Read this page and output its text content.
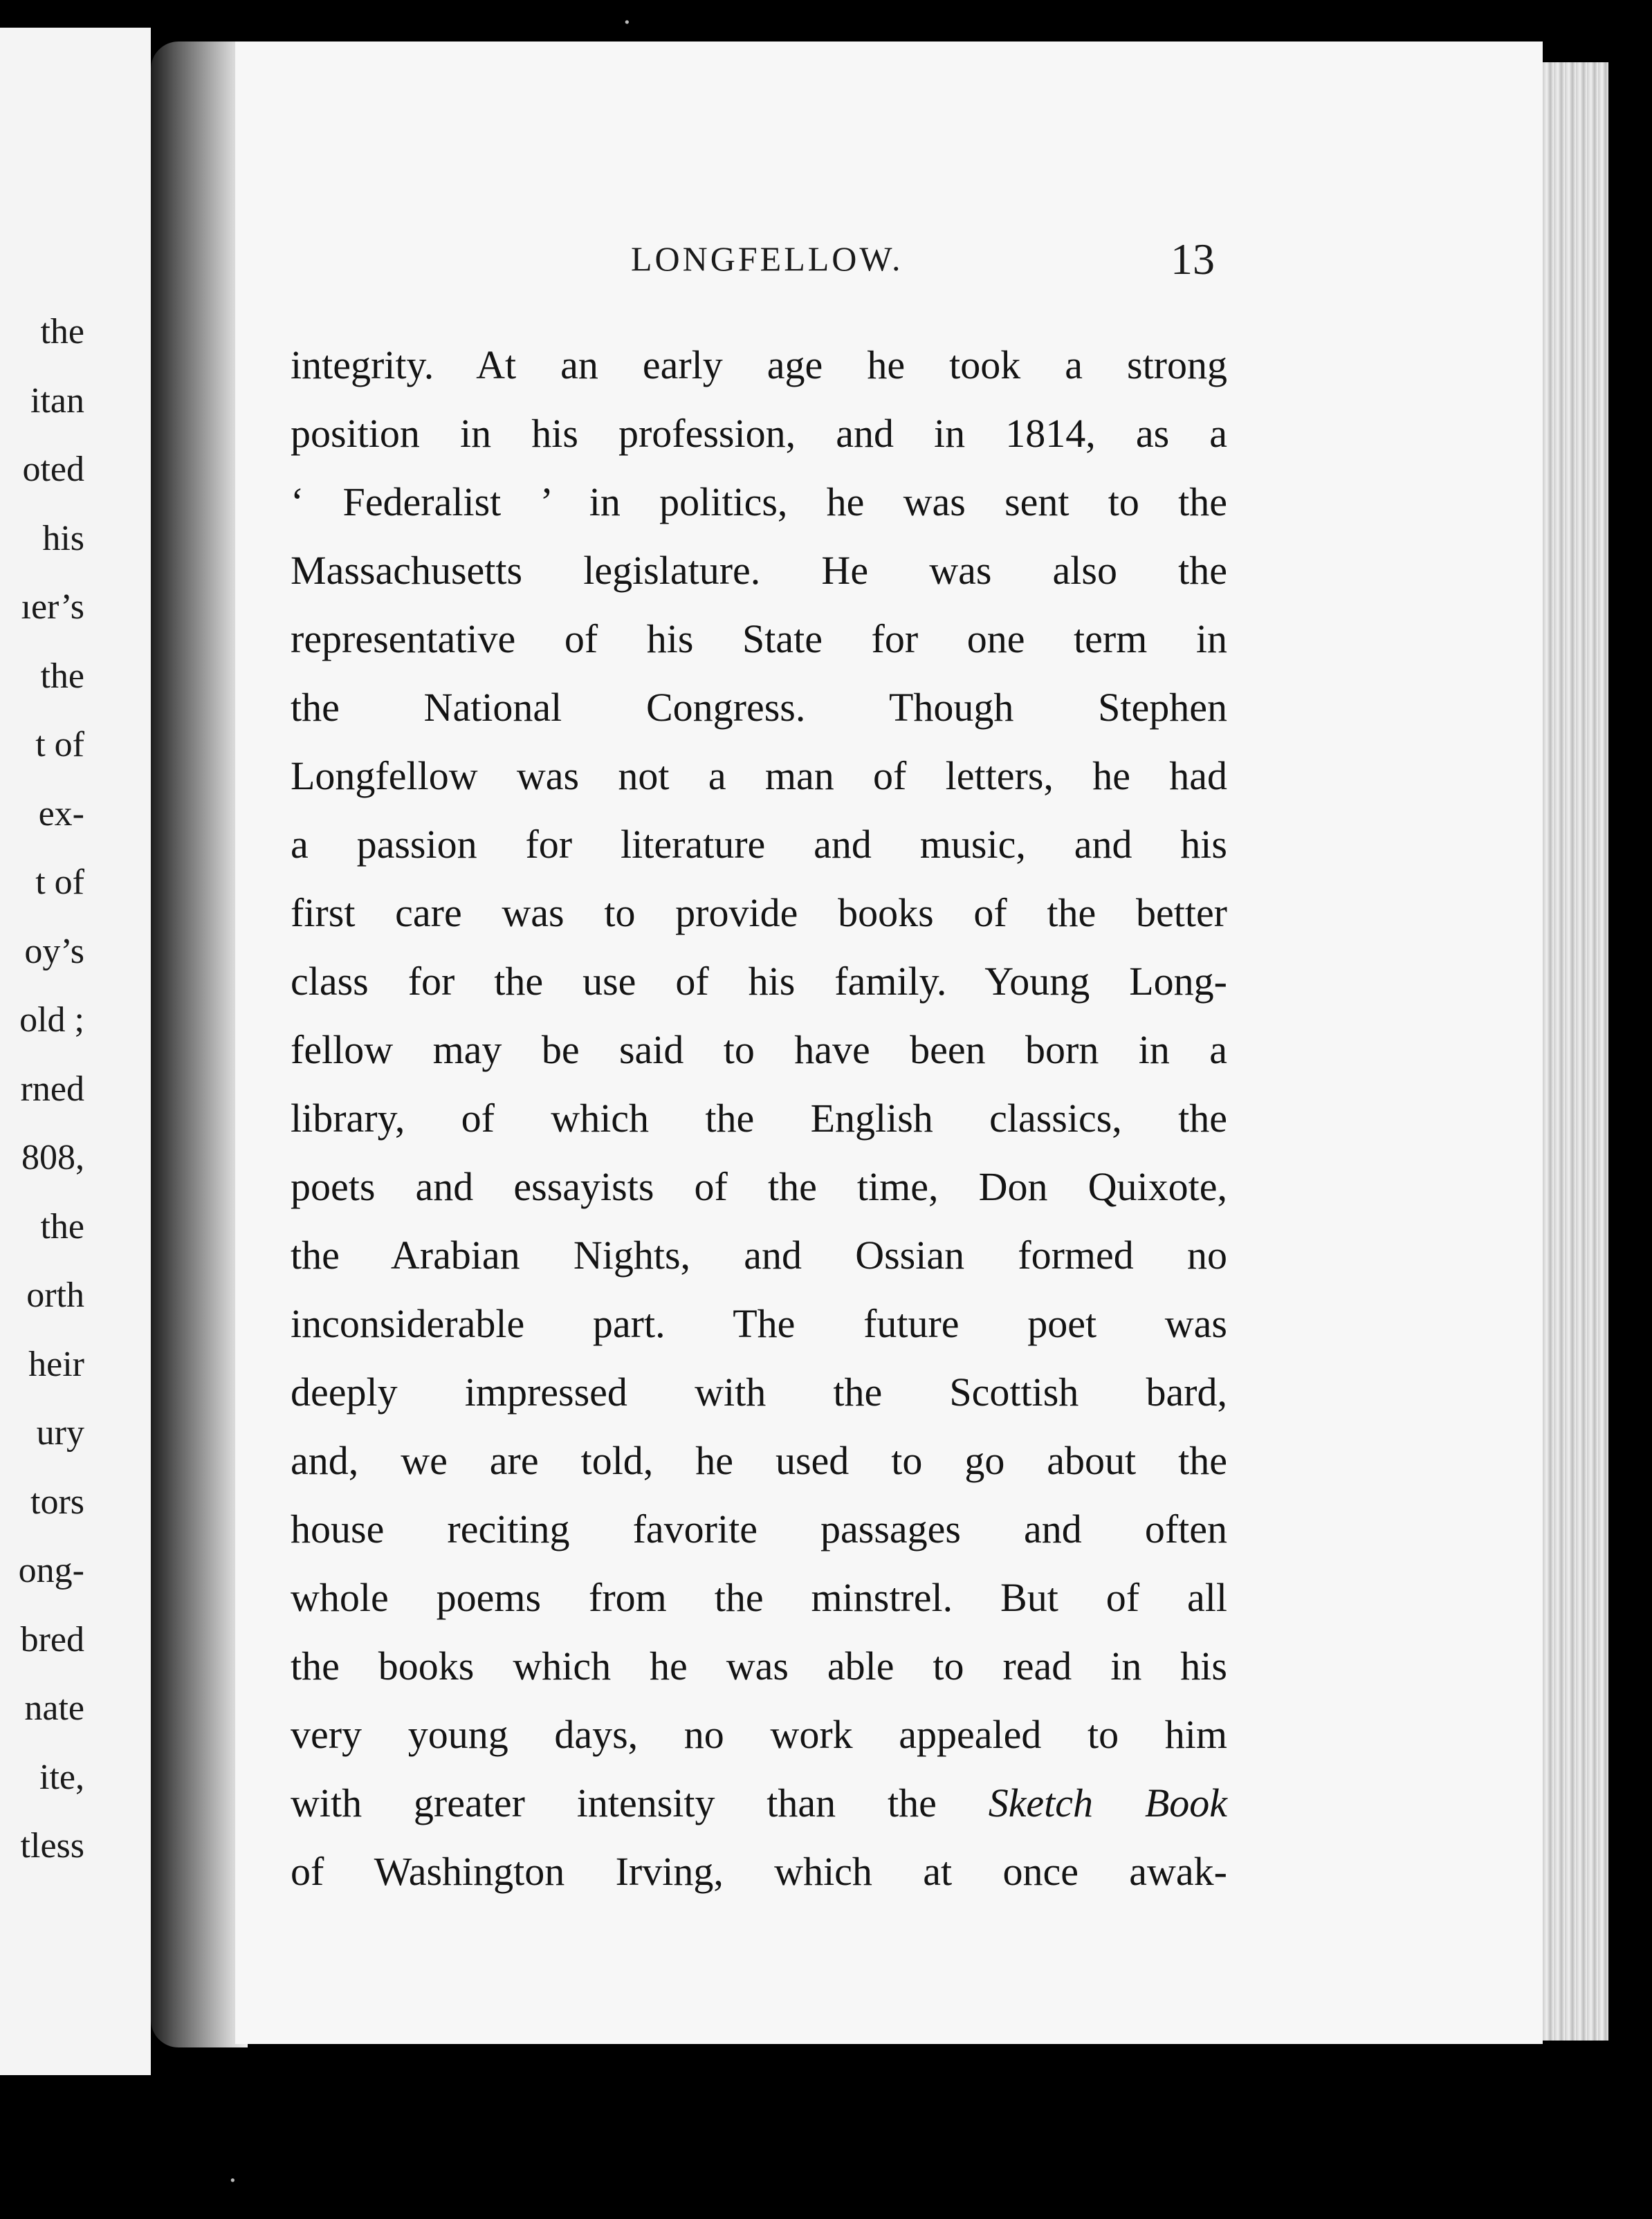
the
itan
oted
his
ıer’s
the
t of
ex-
t of
oy’s
old ;
rned
808,
the
orth
heir
ury
tors
ong-
bred
nate
ite,
tless
LONGFELLOW.	13
integrity. At an early age he took a strong
position in his profession, and in 1814, as a
‘ Federalist ’ in politics, he was sent to the
Massachusetts legislature. He was also the
representative of his State for one term in
the National Congress. Though Stephen
Longfellow was not a man of letters, he had
a passion for literature and music, and his
first care was to provide books of the better
class for the use of his family. Young Long-
fellow may be said to have been born in a
library, of which the English classics, the
poets and essayists of the time, Don Quixote,
the Arabian Nights, and Ossian formed no
inconsiderable part. The future poet was
deeply impressed with the Scottish bard,
and, we are told, he used to go about the
house reciting favorite passages and often
whole poems from the minstrel. But of all
the books which he was able to read in his
very young days, no work appealed to him
with greater intensity than the Sketch Book
of Washington Irving, which at once awak-
·
·
